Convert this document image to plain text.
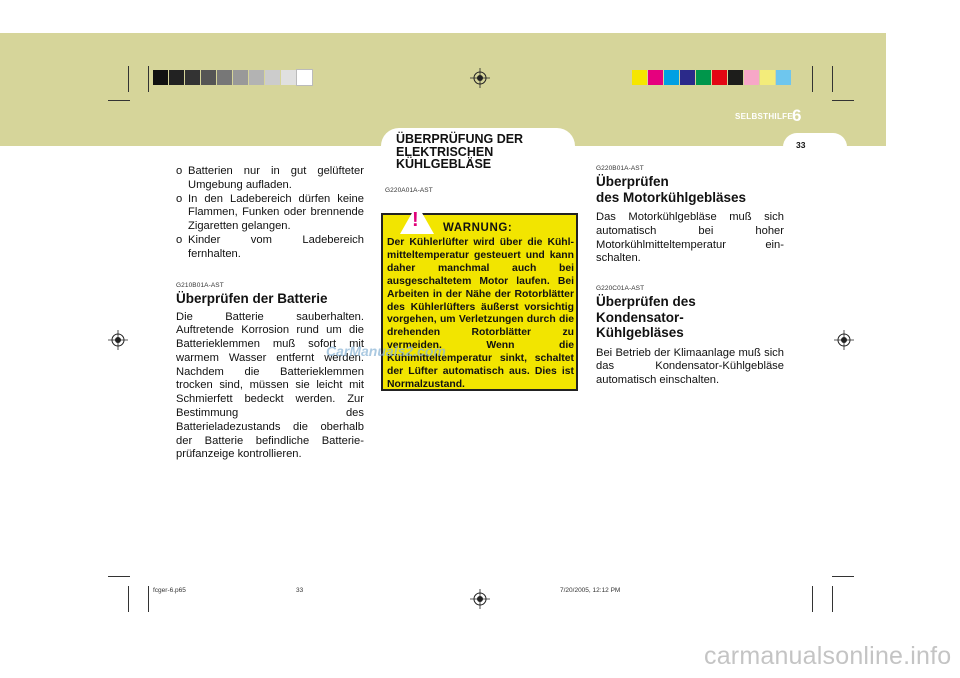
SELBSTHILFE 6
33
ÜBERPRÜFUNG DER
ELEKTRISCHEN
KÜHLGEBLÄSE
o Batterien nur in gut gelüfteter Umgebung aufladen.
o In den Ladebereich dürfen keine Flammen, Funken oder brennende Zigaretten gelangen.
o Kinder vom Ladebereich fernhalten.
G210B01A-AST

Überprüfen der Batterie

Die Batterie sauberhalten. Auftretende Korrosion rund um die Batterieklemmen muß sofort mit warmem Wasser entfernt werden. Nachdem die Batterieklemmen trocken sind, müssen sie leicht mit Schmierfett bedeckt werden. Zur Bestimmung des Batterieladezustands die oberhalb der Batterie befindliche Batterie-prüfanzeige kontrollieren.

G220A01A-AST
! WARNUNG:

Der Kühlerlüfter wird über die Kühl-mitteltemperatur gesteuert und kann daher manchmal auch bei ausgeschaltetem Motor laufen. Bei Arbeiten in der Nähe der Rotorblätter des Kühlerlüfters äußerst vorsichtig vorgehen, um Verletzungen durch die drehenden Rotorblätter zu vermeiden. Wenn die Kühlmitteltemperatur sinkt, schaltet der Lüfter automatisch aus. Dies ist Normalzustand.

CarManuals2.com
G220B01A-AST

Überprüfen
des Motorkühlgebläses

Das Motorkühlgebläse muß sich automatisch bei hoher Motorkühlmitteltemperatur ein-schalten.

G220C01A-AST

Überprüfen des Kondensator-
Kühlgebläses

Bei Betrieb der Klimaanlage muß sich das Kondensator-Kühlgebläse automatisch einschalten.

fcger-6.p65	33	7/20/2005, 12:12 PM
carmanualsonline.info
